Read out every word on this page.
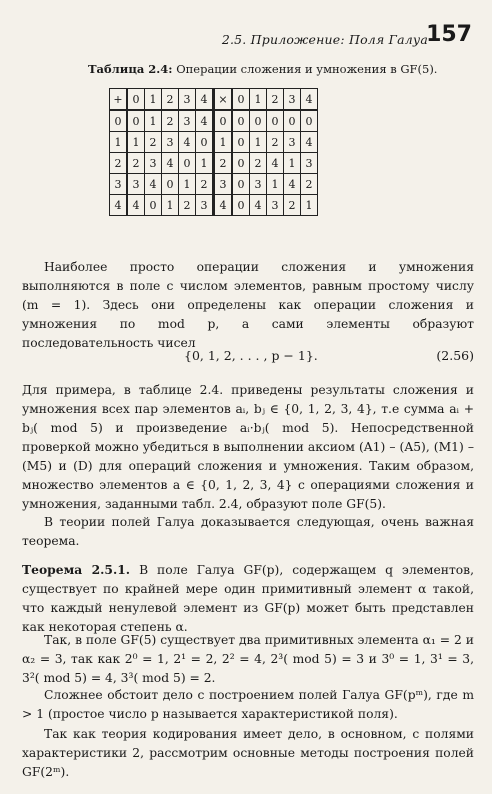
2.5. Приложение: Поля Галуа
157
Таблица 2.4: Операции сложения и умножения в GF(5).
+	0	1	2	3	4
0	0	1	2	3	4
1	1	2	3	4	0
2	2	3	4	0	1
3	3	4	0	1	2
4	4	0	1	2	3
×	0	1	2	3	4
0	0	0	0	0	0
1	0	1	2	3	4
2	0	2	4	1	3
3	0	3	1	4	2
4	0	4	3	2	1
Наиболее просто операции сложения и умножения выполняются в поле с числом элементов, равным простому числу (m = 1). Здесь они определены как операции сложения и умножения по mod p, а сами элементы образуют последовательность чисел
{0, 1, 2, . . . , p − 1}.	(2.56)
Для примера, в таблице 2.4. приведены результаты сложения и умножения всех пар элементов aᵢ, bⱼ ∈ {0, 1, 2, 3, 4}, т.е сумма aᵢ + bⱼ( mod 5) и произведение aᵢ·bⱼ( mod 5). Непосредственной проверкой можно убедиться в выполнении аксиом (A1) – (A5), (M1) – (M5) и (D) для операций сложения и умножения. Таким образом, множество элементов a ∈ {0, 1, 2, 3, 4} с операциями сложения и умножения, заданными табл. 2.4, образуют поле GF(5).
В теории полей Галуа доказывается следующая, очень важная теорема.
Теорема 2.5.1. В поле Галуа GF(p), содержащем q элементов, существует по крайней мере один примитивный элемент α такой, что каждый ненулевой элемент из GF(p) может быть представлен как некоторая степень α.
Так, в поле GF(5) существует два примитивных элемента α₁ = 2 и α₂ = 3, так как 2⁰ = 1, 2¹ = 2, 2² = 4, 2³( mod 5) = 3 и 3⁰ = 1, 3¹ = 3, 3²( mod 5) = 4, 3³( mod 5) = 2.
Сложнее обстоит дело с построением полей Галуа GF(pᵐ), где m > 1 (простое число p называется характеристикой поля).
Так как теория кодирования имеет дело, в основном, с полями характеристики 2, рассмотрим основные методы построения полей GF(2ᵐ).
